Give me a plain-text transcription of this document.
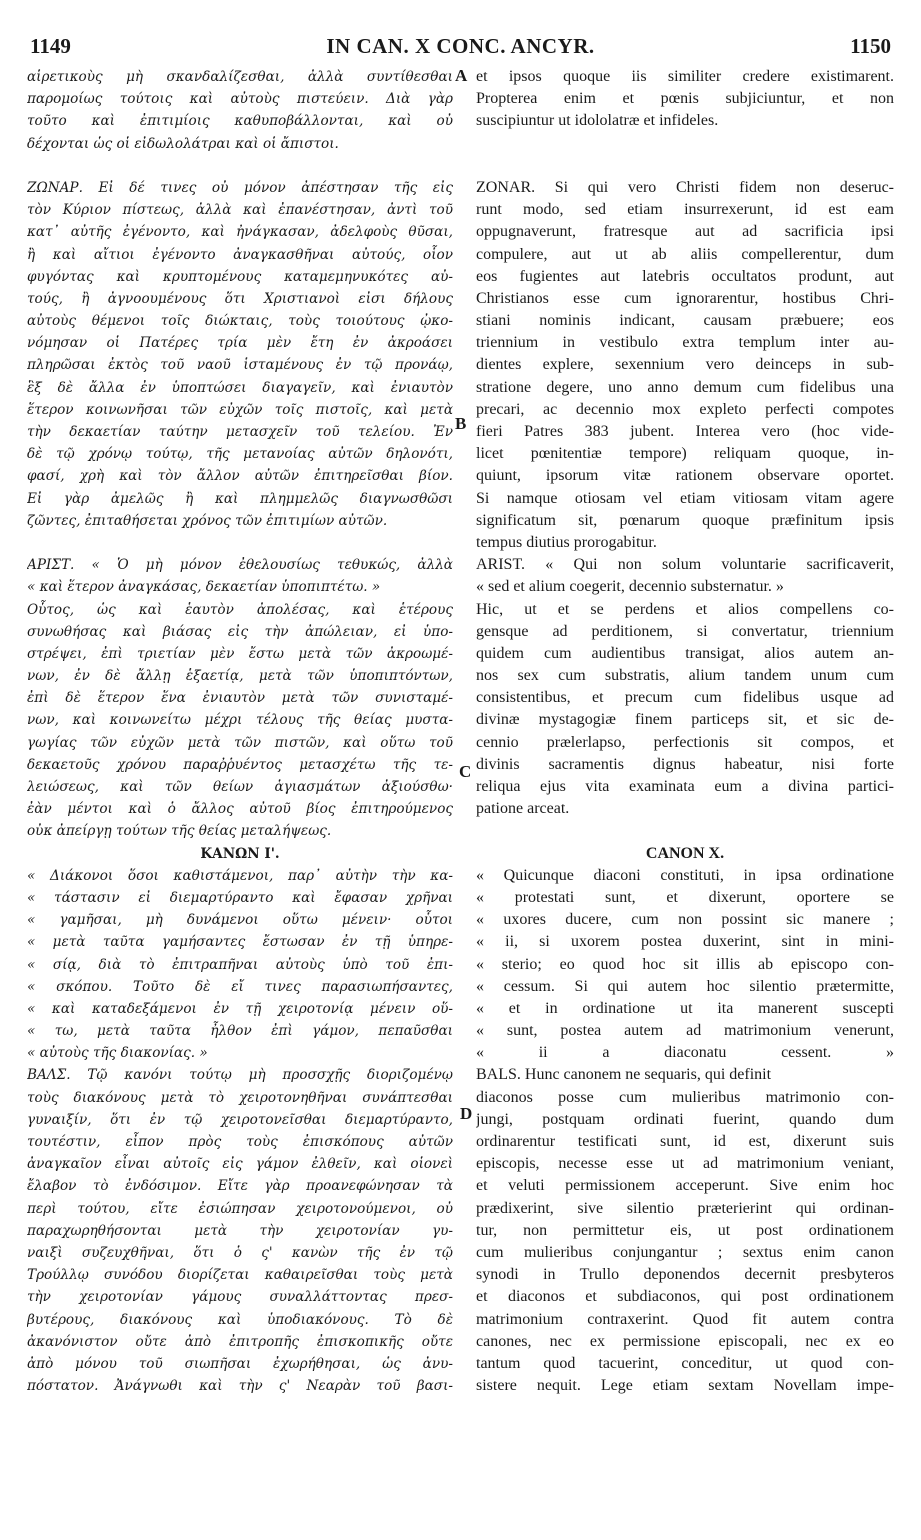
1149	IN CAN. X CONC. ANCYR.	1150
αἱρετικοὺς μὴ σκανδαλίζεσθαι, ἀλλὰ συντίθεσθαι
παρομοίως τούτοις καὶ αὐτοὺς πιστεύειν. Διὰ γὰρ
τοῦτο καὶ ἐπιτιμίοις καθυποβάλλονται, καὶ οὐ
δέχονται ὡς οἱ εἰδωλολάτραι καὶ οἱ ἄπιστοι.
ΖΩΝΑΡ. Εἰ δέ τινες οὐ μόνον ἀπέστησαν τῆς εἰς
τὸν Κύριον πίστεως, ἀλλὰ καὶ ἐπανέστησαν, ἀντὶ τοῦ
κατ᾽ αὐτῆς ἐγένοντο, καὶ ἠνάγκασαν, ἀδελφοὺς θῦσαι,
ἢ καὶ αἴτιοι ἐγένοντο ἀναγκασθῆναι αὐτούς, οἷον
φυγόντας καὶ κρυπτομένους καταμεμηνυκότες αὐ-
τούς, ἢ ἀγνοουμένους ὅτι Χριστιανοὶ εἰσι δήλους
αὐτοὺς θέμενοι τοῖς διώκταις, τοὺς τοιούτους ᾠκο-
νόμησαν οἱ Πατέρες τρία μὲν ἔτη ἐν ἀκροάσει
πληρῶσαι ἐκτὸς τοῦ ναοῦ ἱσταμένους ἐν τῷ προνάῳ,
ἓξ δὲ ἄλλα ἐν ὑποπτώσει διαγαγεῖν, καὶ ἐνιαυτὸν
ἕτερον κοινωνῆσαι τῶν εὐχῶν τοῖς πιστοῖς, καὶ μετὰ
τὴν δεκαετίαν ταύτην μετασχεῖν τοῦ τελείου. Ἐν
δὲ τῷ χρόνῳ τούτῳ, τῆς μετανοίας αὐτῶν δηλονότι,
φασί, χρὴ καὶ τὸν ἄλλον αὐτῶν ἐπιτηρεῖσθαι βίον.
Εἰ γὰρ ἀμελῶς ἢ καὶ πλημμελῶς διαγνωσθῶσι
ζῶντες, ἐπιταθήσεται χρόνος τῶν ἐπιτιμίων αὐτῶν.
ΑΡΙΣΤ. « Ὁ μὴ μόνον ἐθελουσίως τεθυκώς, ἀλλὰ
« καὶ ἕτερον ἀναγκάσας, δεκαετίαν ὑποπιπτέτω. »
Οὗτος, ὡς καὶ ἑαυτὸν ἀπολέσας, καὶ ἑτέρους
συνωθήσας καὶ βιάσας εἰς τὴν ἀπώλειαν, εἰ ὑπο-
στρέψει, ἐπὶ τριετίαν μὲν ἔστω μετὰ τῶν ἀκροωμέ-
νων, ἐν δὲ ἄλλῃ ἑξαετίᾳ, μετὰ τῶν ὑποπιπτόντων,
ἐπὶ δὲ ἕτερον ἕνα ἐνιαυτὸν μετὰ τῶν συνισταμέ-
νων, καὶ κοινωνείτω μέχρι τέλους τῆς θείας μυστα-
γωγίας τῶν εὐχῶν μετὰ τῶν πιστῶν, καὶ οὕτω τοῦ
δεκαετοῦς χρόνου παραῤῥυέντος μετασχέτω τῆς τε-
λειώσεως, καὶ τῶν θείων ἁγιασμάτων ἀξιούσθω·
ἐὰν μέντοι καὶ ὁ ἄλλος αὐτοῦ βίος ἐπιτηρούμενος
οὐκ ἀπείργῃ τούτων τῆς θείας μεταλήψεως.
ΚΑΝΩΝ Ι'.
« Διάκονοι ὅσοι καθιστάμενοι, παρ᾽ αὐτὴν τὴν κα-
« τάστασιν εἰ διεμαρτύραντο καὶ ἔφασαν χρῆναι
« γαμῆσαι, μὴ δυνάμενοι οὕτω μένειν· οὗτοι
« μετὰ ταῦτα γαμήσαντες ἔστωσαν ἐν τῇ ὑπηρε-
« σίᾳ, διὰ τὸ ἐπιτραπῆναι αὐτοὺς ὑπὸ τοῦ ἐπι-
« σκόπου. Τοῦτο δὲ εἴ τινες παρασιωπήσαντες,
« καὶ καταδεξάμενοι ἐν τῇ χειροτονίᾳ μένειν οὕ-
« τω, μετὰ ταῦτα ἦλθον ἐπὶ γάμον, πεπαῦσθαι
« αὐτοὺς τῆς διακονίας. »
ΒΑΛΣ. Τῷ κανόνι τούτῳ μὴ προσσχῇς διοριζομένῳ
τοὺς διακόνους μετὰ τὸ χειροτονηθῆναι συνάπτεσθαι
γυναιξίν, ὅτι ἐν τῷ χειροτονεῖσθαι διεμαρτύραντο,
τουτέστιν, εἶπον πρὸς τοὺς ἐπισκόπους αὐτῶν
ἀναγκαῖον εἶναι αὐτοῖς εἰς γάμον ἐλθεῖν, καὶ οἱονεὶ
ἔλαβον τὸ ἐνδόσιμον. Εἴτε γὰρ προανεφώνησαν τὰ
περὶ τούτου, εἴτε ἐσιώπησαν χειροτονούμενοι, οὐ
παραχωρηθήσονται μετὰ τὴν χειροτονίαν γυ-
ναιξὶ συζευχθῆναι, ὅτι ὁ ς' κανὼν τῆς ἐν τῷ
Τρούλλῳ συνόδου διορίζεται καθαιρεῖσθαι τοὺς μετὰ
τὴν χειροτονίαν γάμους συναλλάττοντας πρεσ-
βυτέρους, διακόνους καὶ ὑποδιακόνους. Τὸ δὲ
ἀκανόνιστον οὔτε ἀπὸ ἐπιτροπῆς ἐπισκοπικῆς οὔτε
ἀπὸ μόνου τοῦ σιωπῆσαι ἐχωρήθησαι, ὡς ἀνυ-
πόστατον. Ἀνάγνωθι καὶ τὴν ς' Νεαρὰν τοῦ βασι-
et ipsos quoque iis similiter credere existimarent.
Propterea enim et pœnis subjiciuntur, et non
suscipiuntur ut idololatræ et infideles.
ZONAR. Si qui vero Christi fidem non deseruc-
runt modo, sed etiam insurrexerunt, id est eam
oppugnaverunt, fratresque aut ad sacrificia ipsi
compulere, aut ut ab aliis compellerentur, dum
eos fugientes aut latebris occultatos produnt, aut
Christianos esse cum ignorarentur, hostibus Chri-
stiani nominis indicant, causam præbuere; eos
triennium in vestibulo extra templum inter au-
dientes explere, sexennium vero deinceps in sub-
stratione degere, uno anno demum cum fidelibus una
precari, ac decennio mox expleto perfecti compotes
fieri Patres 383 jubent. Interea vero (hoc vide-
licet pœnitentiæ tempore) reliquam quoque, in-
quiunt, ipsorum vitæ rationem observare oportet.
Si namque otiosam vel etiam vitiosam vitam agere
significatum sit, pœnarum quoque præfinitum ipsis
tempus diutius prorogabitur.
ARIST. « Qui non solum voluntarie sacrificaverit,
« sed et alium coegerit, decennio substernatur. »
Hic, ut et se perdens et alios compellens co-
gensque ad perditionem, si convertatur, triennium
quidem cum audientibus transigat, alios autem an-
nos sex cum substratis, alium tandem unum cum
consistentibus, et precum cum fidelibus usque ad
divinæ mystagogiæ finem particeps sit, et sic de-
cennio prælerlapso, perfectionis sit compos, et
divinis sacramentis dignus habeatur, nisi forte
reliqua ejus vita examinata eum a divina partici-
patione arceat.
CANON X.
« Quicunque diaconi constituti, in ipsa ordinatione
« protestati sunt, et dixerunt, oportere se
« uxores ducere, cum non possint sic manere ;
« ii, si uxorem postea duxerint, sint in mini-
« sterio; eo quod hoc sit illis ab episcopo con-
« cessum. Si qui autem hoc silentio prætermitte,
« et in ordinatione ut ita manerent suscepti
« sunt, postea autem ad matrimonium venerunt,
« ii a diaconatu cessent. »
BALS. Hunc canonem ne sequaris, qui definit
diaconos posse cum mulieribus matrimonio con-
jungi, postquam ordinati fuerint, quando dum
ordinarentur testificati sunt, id est, dixerunt suis
episcopis, necesse esse ut ad matrimonium veniant,
et veluti permissionem acceperunt. Sive enim hoc
prædixerint, sive silentio præterierint qui ordinan-
tur, non permittetur eis, ut post ordinationem
cum mulieribus conjungantur ; sextus enim canon
synodi in Trullo deponendos decernit presbyteros
et diaconos et subdiaconos, qui post ordinationem
matrimonium contraxerint. Quod fit autem contra
canones, nec ex permissione episcopali, nec ex eo
tantum quod tacuerint, conceditur, ut quod con-
sistere nequit. Lege etiam sextam Novellam impe-
A
B
C
D
